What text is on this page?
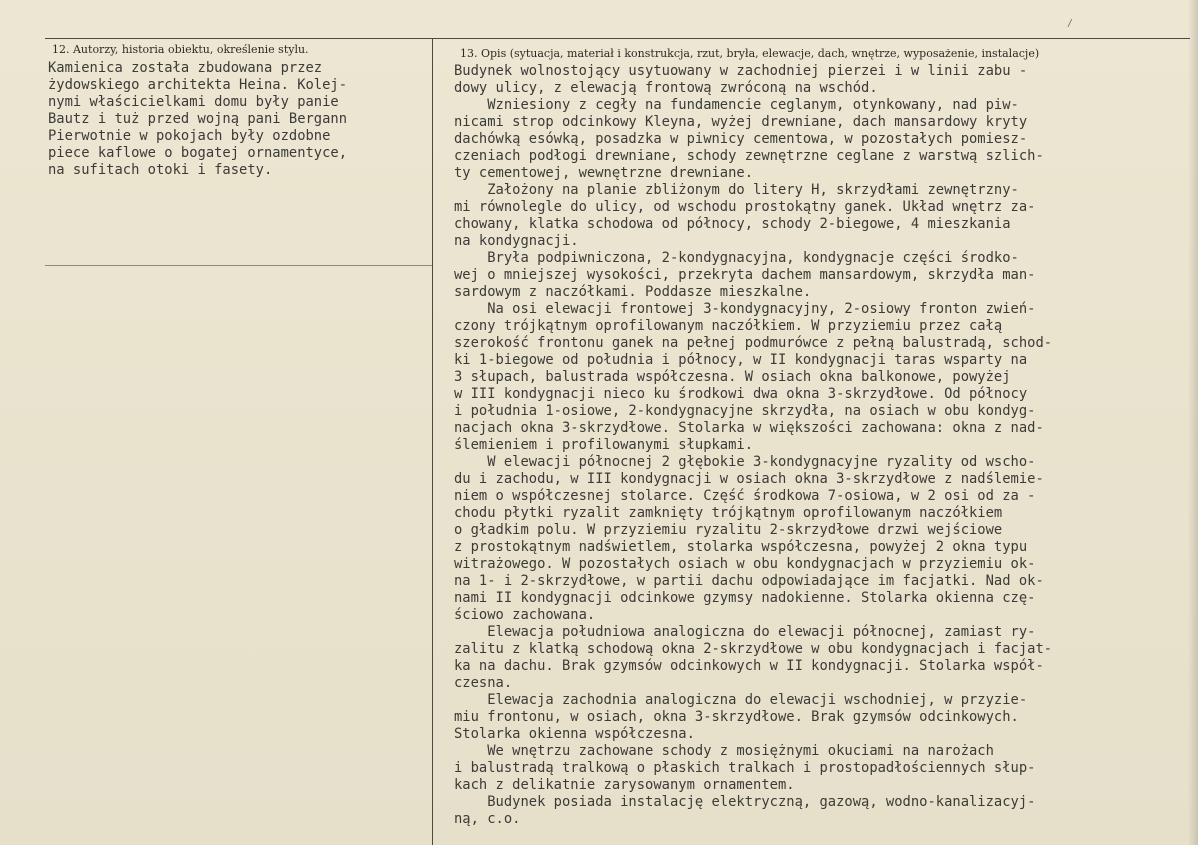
/
12. Autorzy, historia obiektu, określenie stylu.	13. Opis (sytuacja, materiał i konstrukcja, rzut, bryła, elewacje, dach, wnętrze, wyposażenie, instalacje)
Kamienica została zbudowana przez
żydowskiego architekta Heina. Kolej-
nymi właścicielkami domu były panie
Bautz i tuż przed wojną pani Bergann
Pierwotnie w pokojach były ozdobne
piece kaflowe o bogatej ornamentyce,
na sufitach otoki i fasety.
Budynek wolnostojący usytuowany w zachodniej pierzei i w linii zabu -
dowy ulicy, z elewacją frontową zwróconą na wschód.
Wzniesiony z cegły na fundamencie ceglanym, otynkowany, nad piw-
nicami strop odcinkowy Kleyna, wyżej drewniane, dach mansardowy kryty
dachówką esówką, posadzka w piwnicy cementowa, w pozostałych pomiesz-
czeniach podłogi drewniane, schody zewnętrzne ceglane z warstwą szlich-
ty cementowej, wewnętrzne drewniane.
Założony na planie zbliżonym do litery H, skrzydłami zewnętrzny-
mi równolegle do ulicy, od wschodu prostokątny ganek. Układ wnętrz za-
chowany, klatka schodowa od północy, schody 2-biegowe, 4 mieszkania
na kondygnacji.
Bryła podpiwniczona, 2-kondygnacyjna, kondygnacje części środko-
wej o mniejszej wysokości, przekryta dachem mansardowym, skrzydła man-
sardowym z naczółkami. Poddasze mieszkalne.
Na osi elewacji frontowej 3-kondygnacyjny, 2-osiowy fronton zwień-
czony trójkątnym oprofilowanym naczółkiem. W przyziemiu przez całą
szerokość frontonu ganek na pełnej podmurówce z pełną balustradą, schod-
ki 1-biegowe od południa i północy, w II kondygnacji taras wsparty na
3 słupach, balustrada współczesna. W osiach okna balkonowe, powyżej
w III kondygnacji nieco ku środkowi dwa okna 3-skrzydłowe. Od północy
i południa 1-osiowe, 2-kondygnacyjne skrzydła, na osiach w obu kondyg-
nacjach okna 3-skrzydłowe. Stolarka w większości zachowana: okna z nad-
ślemieniem i profilowanymi słupkami.
W elewacji północnej 2 głębokie 3-kondygnacyjne ryzality od wscho-
du i zachodu, w III kondygnacji w osiach okna 3-skrzydłowe z nadślemie-
niem o współczesnej stolarce. Część środkowa 7-osiowa, w 2 osi od za -
chodu płytki ryzalit zamknięty trójkątnym oprofilowanym naczółkiem
o gładkim polu. W przyziemiu ryzalitu 2-skrzydłowe drzwi wejściowe
z prostokątnym nadświetlem, stolarka współczesna, powyżej 2 okna typu
witrażowego. W pozostałych osiach w obu kondygnacjach w przyziemiu ok-
na 1- i 2-skrzydłowe, w partii dachu odpowiadające im facjatki. Nad ok-
nami II kondygnacji odcinkowe gzymsy nadokienne. Stolarka okienna czę-
ściowo zachowana.
Elewacja południowa analogiczna do elewacji północnej, zamiast ry-
zalitu z klatką schodową okna 2-skrzydłowe w obu kondygnacjach i facjat-
ka na dachu. Brak gzymsów odcinkowych w II kondygnacji. Stolarka współ-
czesna.
Elewacja zachodnia analogiczna do elewacji wschodniej, w przyzie-
miu frontonu, w osiach, okna 3-skrzydłowe. Brak gzymsów odcinkowych.
Stolarka okienna współczesna.
We wnętrzu zachowane schody z mosiężnymi okuciami na narożach
i balustradą tralkową o płaskich tralkach i prostopadłościennych słup-
kach z delikatnie zarysowanym ornamentem.
Budynek posiada instalację elektryczną, gazową, wodno-kanalizacyj-
ną, c.o.
